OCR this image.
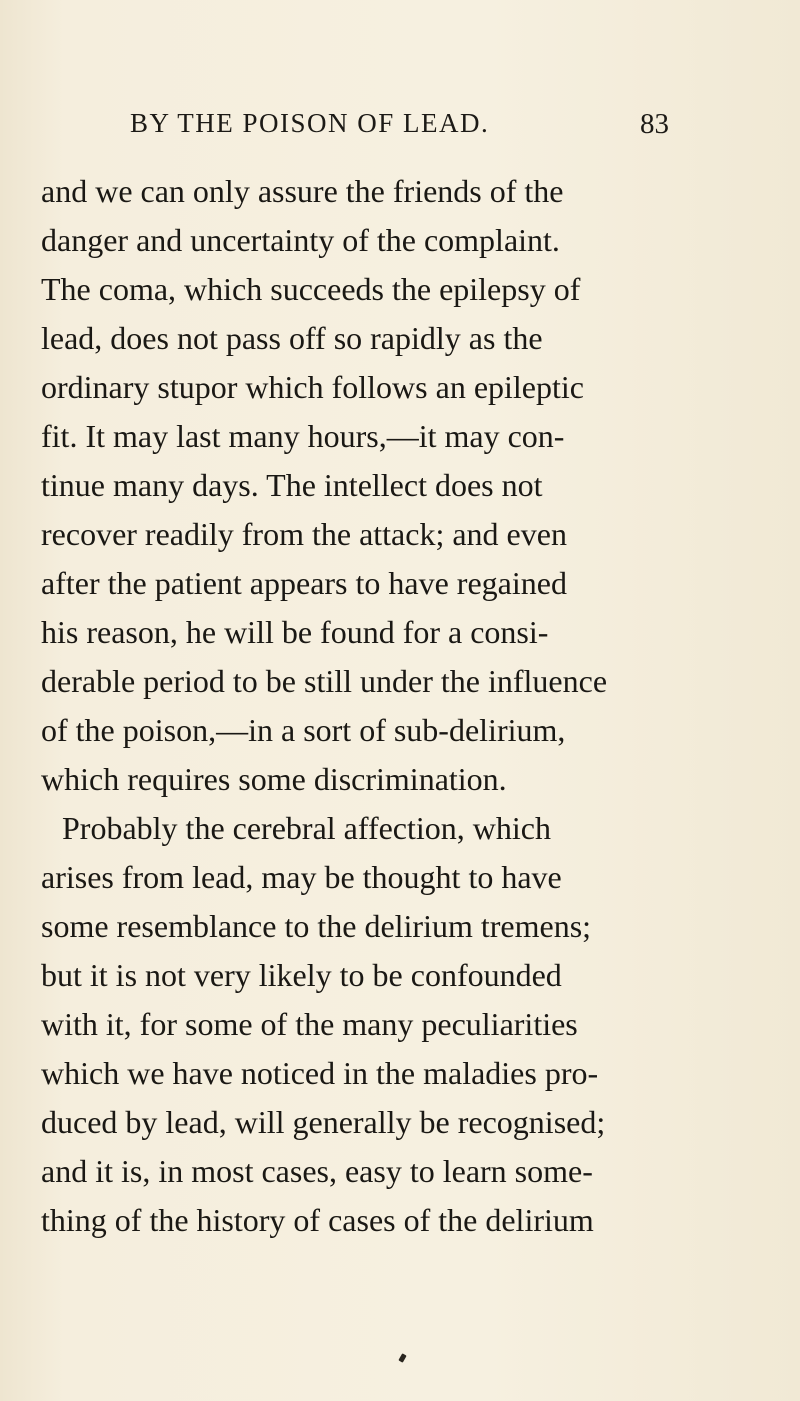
BY THE POISON OF LEAD.	83
and we can only assure the friends of the
danger and uncertainty of the complaint.
The coma, which succeeds the epilepsy of
lead, does not pass off so rapidly as the
ordinary stupor which follows an epileptic
fit. It may last many hours,—it may con-
tinue many days. The intellect does not
recover readily from the attack; and even
after the patient appears to have regained
his reason, he will be found for a consi-
derable period to be still under the influence
of the poison,—in a sort of sub-delirium,
which requires some discrimination.
Probably the cerebral affection, which
arises from lead, may be thought to have
some resemblance to the delirium tremens;
but it is not very likely to be confounded
with it, for some of the many peculiarities
which we have noticed in the maladies pro-
duced by lead, will generally be recognised;
and it is, in most cases, easy to learn some-
thing of the history of cases of the delirium
